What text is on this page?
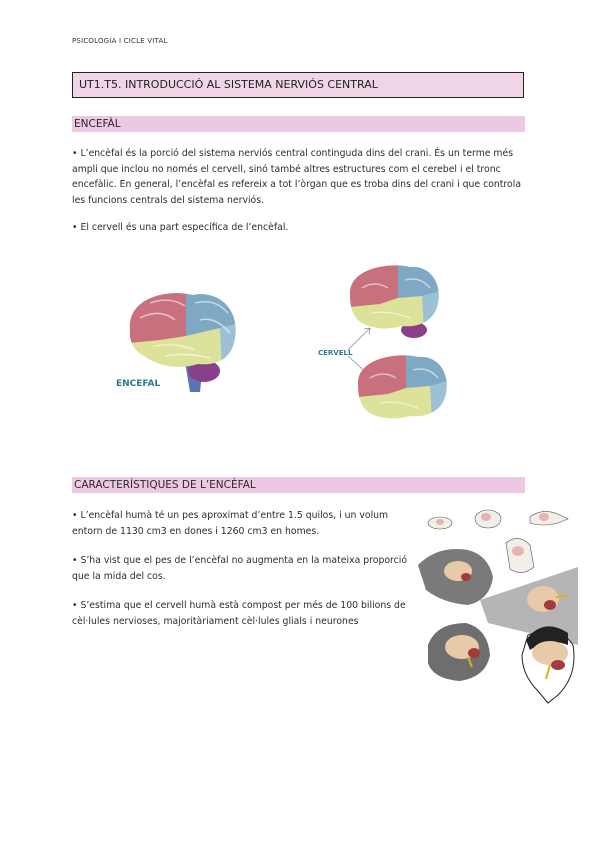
PSICOLOGIA I CICLE VITAL
UT1.T5. INTRODUCCIÓ AL SISTEMA NERVIÓS CENTRAL
ENCEFÀL

• L’encèfal és la porció del sistema nerviós central continguda dins del crani. És un terme més ampli que inclou no només el cervell, sinó també altres estructures com el cerebel i el tronc encefàlic. En general, l’encèfal es refereix a tot l’òrgan que es troba dins del crani i que controla les funcions centrals del sistema nerviós.

• El cervell és una part específica de l’encèfal.

ENCEFAL
CERVELL
CARACTERÍSTIQUES DE L’ENCÈFAL

• L’encèfal humà té un pes aproximat d’entre 1.5 quilos, i un volum entorn de 1130 cm3 en dones i 1260 cm3 en homes.

• S’ha vist que el pes de l’encèfal no augmenta en la mateixa proporció que la mida del cos.

• S’estima que el cervell humà està compost per més de 100 bilions de cèl·lules nervioses, majoritàriament cèl·lules glials i neurones
